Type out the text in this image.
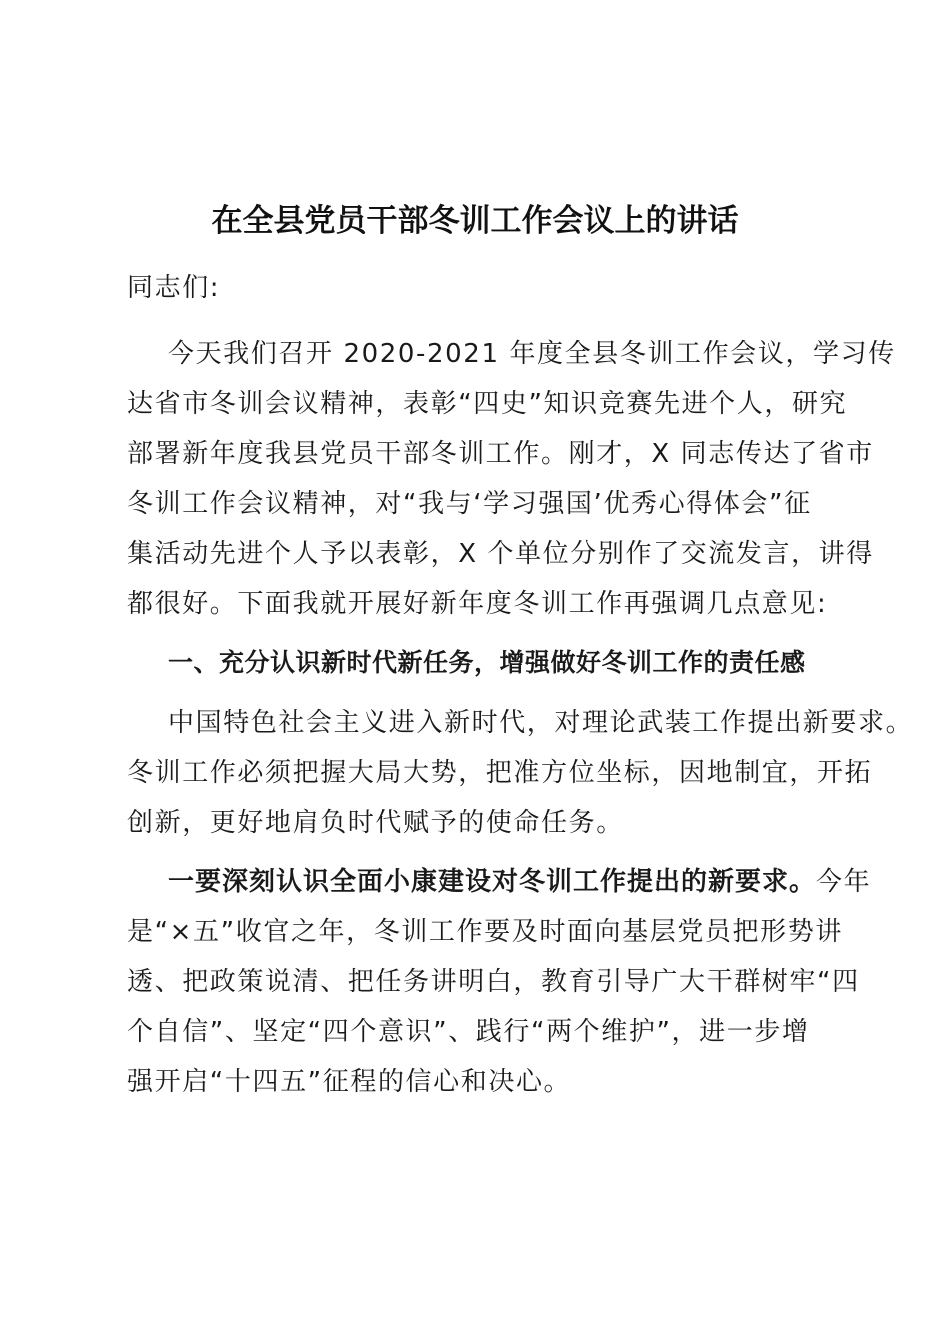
在全县党员干部冬训工作会议上的讲话

同志们:

今天我们召开 2020-2021 年度全县冬训工作会议，学习传

达省市冬训会议精神，表彰“四史”知识竞赛先进个人，研究

部署新年度我县党员干部冬训工作。刚才，X 同志传达了省市

冬训工作会议精神，对“我与‘学习强国’优秀心得体会”征

集活动先进个人予以表彰，X 个单位分别作了交流发言，讲得

都很好。下面我就开展好新年度冬训工作再强调几点意见:

一、充分认识新时代新任务，增强做好冬训工作的责任感

中国特色社会主义进入新时代，对理论武装工作提出新要求。

冬训工作必须把握大局大势，把准方位坐标，因地制宜，开拓

创新，更好地肩负时代赋予的使命任务。

一要深刻认识全面小康建设对冬训工作提出的新要求。今年

是“×五”收官之年，冬训工作要及时面向基层党员把形势讲

透、把政策说清、把任务讲明白，教育引导广大干群树牢“四

个自信”、坚定“四个意识”、践行“两个维护”，进一步增

强开启“十四五”征程的信心和决心。
